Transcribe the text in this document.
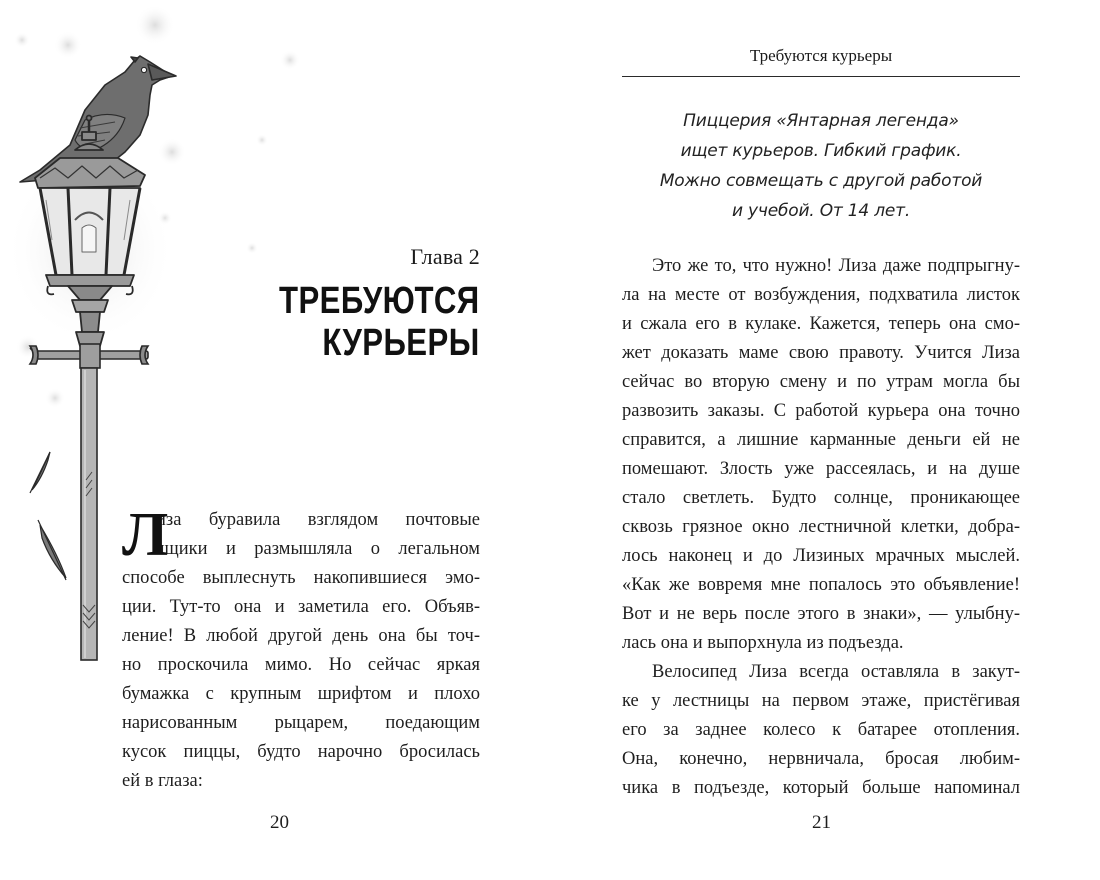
Глава 2
ТРЕБУЮТСЯ
КУРЬЕРЫ
Л
иза буравила взглядом почтовые
ящики и размышляла о легальном
способе выплеснуть накопившиеся эмо-
ции. Тут-то она и заметила его. Объяв-
ление! В любой другой день она бы точ-
но проскочила мимо. Но сейчас яркая
бумажка с крупным шрифтом и плохо
нарисованным рыцарем, поедающим
кусок пиццы, будто нарочно бросилась
ей в глаза:
20
Требуются курьеры
Пиццерия «Янтарная легенда»
ищет курьеров. Гибкий график.
Можно совмещать с другой работой
и учебой. От 14 лет.
Это же то, что нужно! Лиза даже подпрыгну-
ла на месте от возбуждения, подхватила листок
и сжала его в кулаке. Кажется, теперь она смо-
жет доказать маме свою правоту. Учится Лиза
сейчас во вторую смену и по утрам могла бы
развозить заказы. С работой курьера она точно
справится, а лишние карманные деньги ей не
помешают. Злость уже рассеялась, и на душе
стало светлеть. Будто солнце, проникающее
сквозь грязное окно лестничной клетки, добра-
лось наконец и до Лизиных мрачных мыслей.
«Как же вовремя мне попалось это объявление!
Вот и не верь после этого в знаки», — улыбну-
лась она и выпорхнула из подъезда.
Велосипед Лиза всегда оставляла в закут-
ке у лестницы на первом этаже, пристёгивая
его за заднее колесо к батарее отопления.
Она, конечно, нервничала, бросая любим-
чика в подъезде, который больше напоминал
21
